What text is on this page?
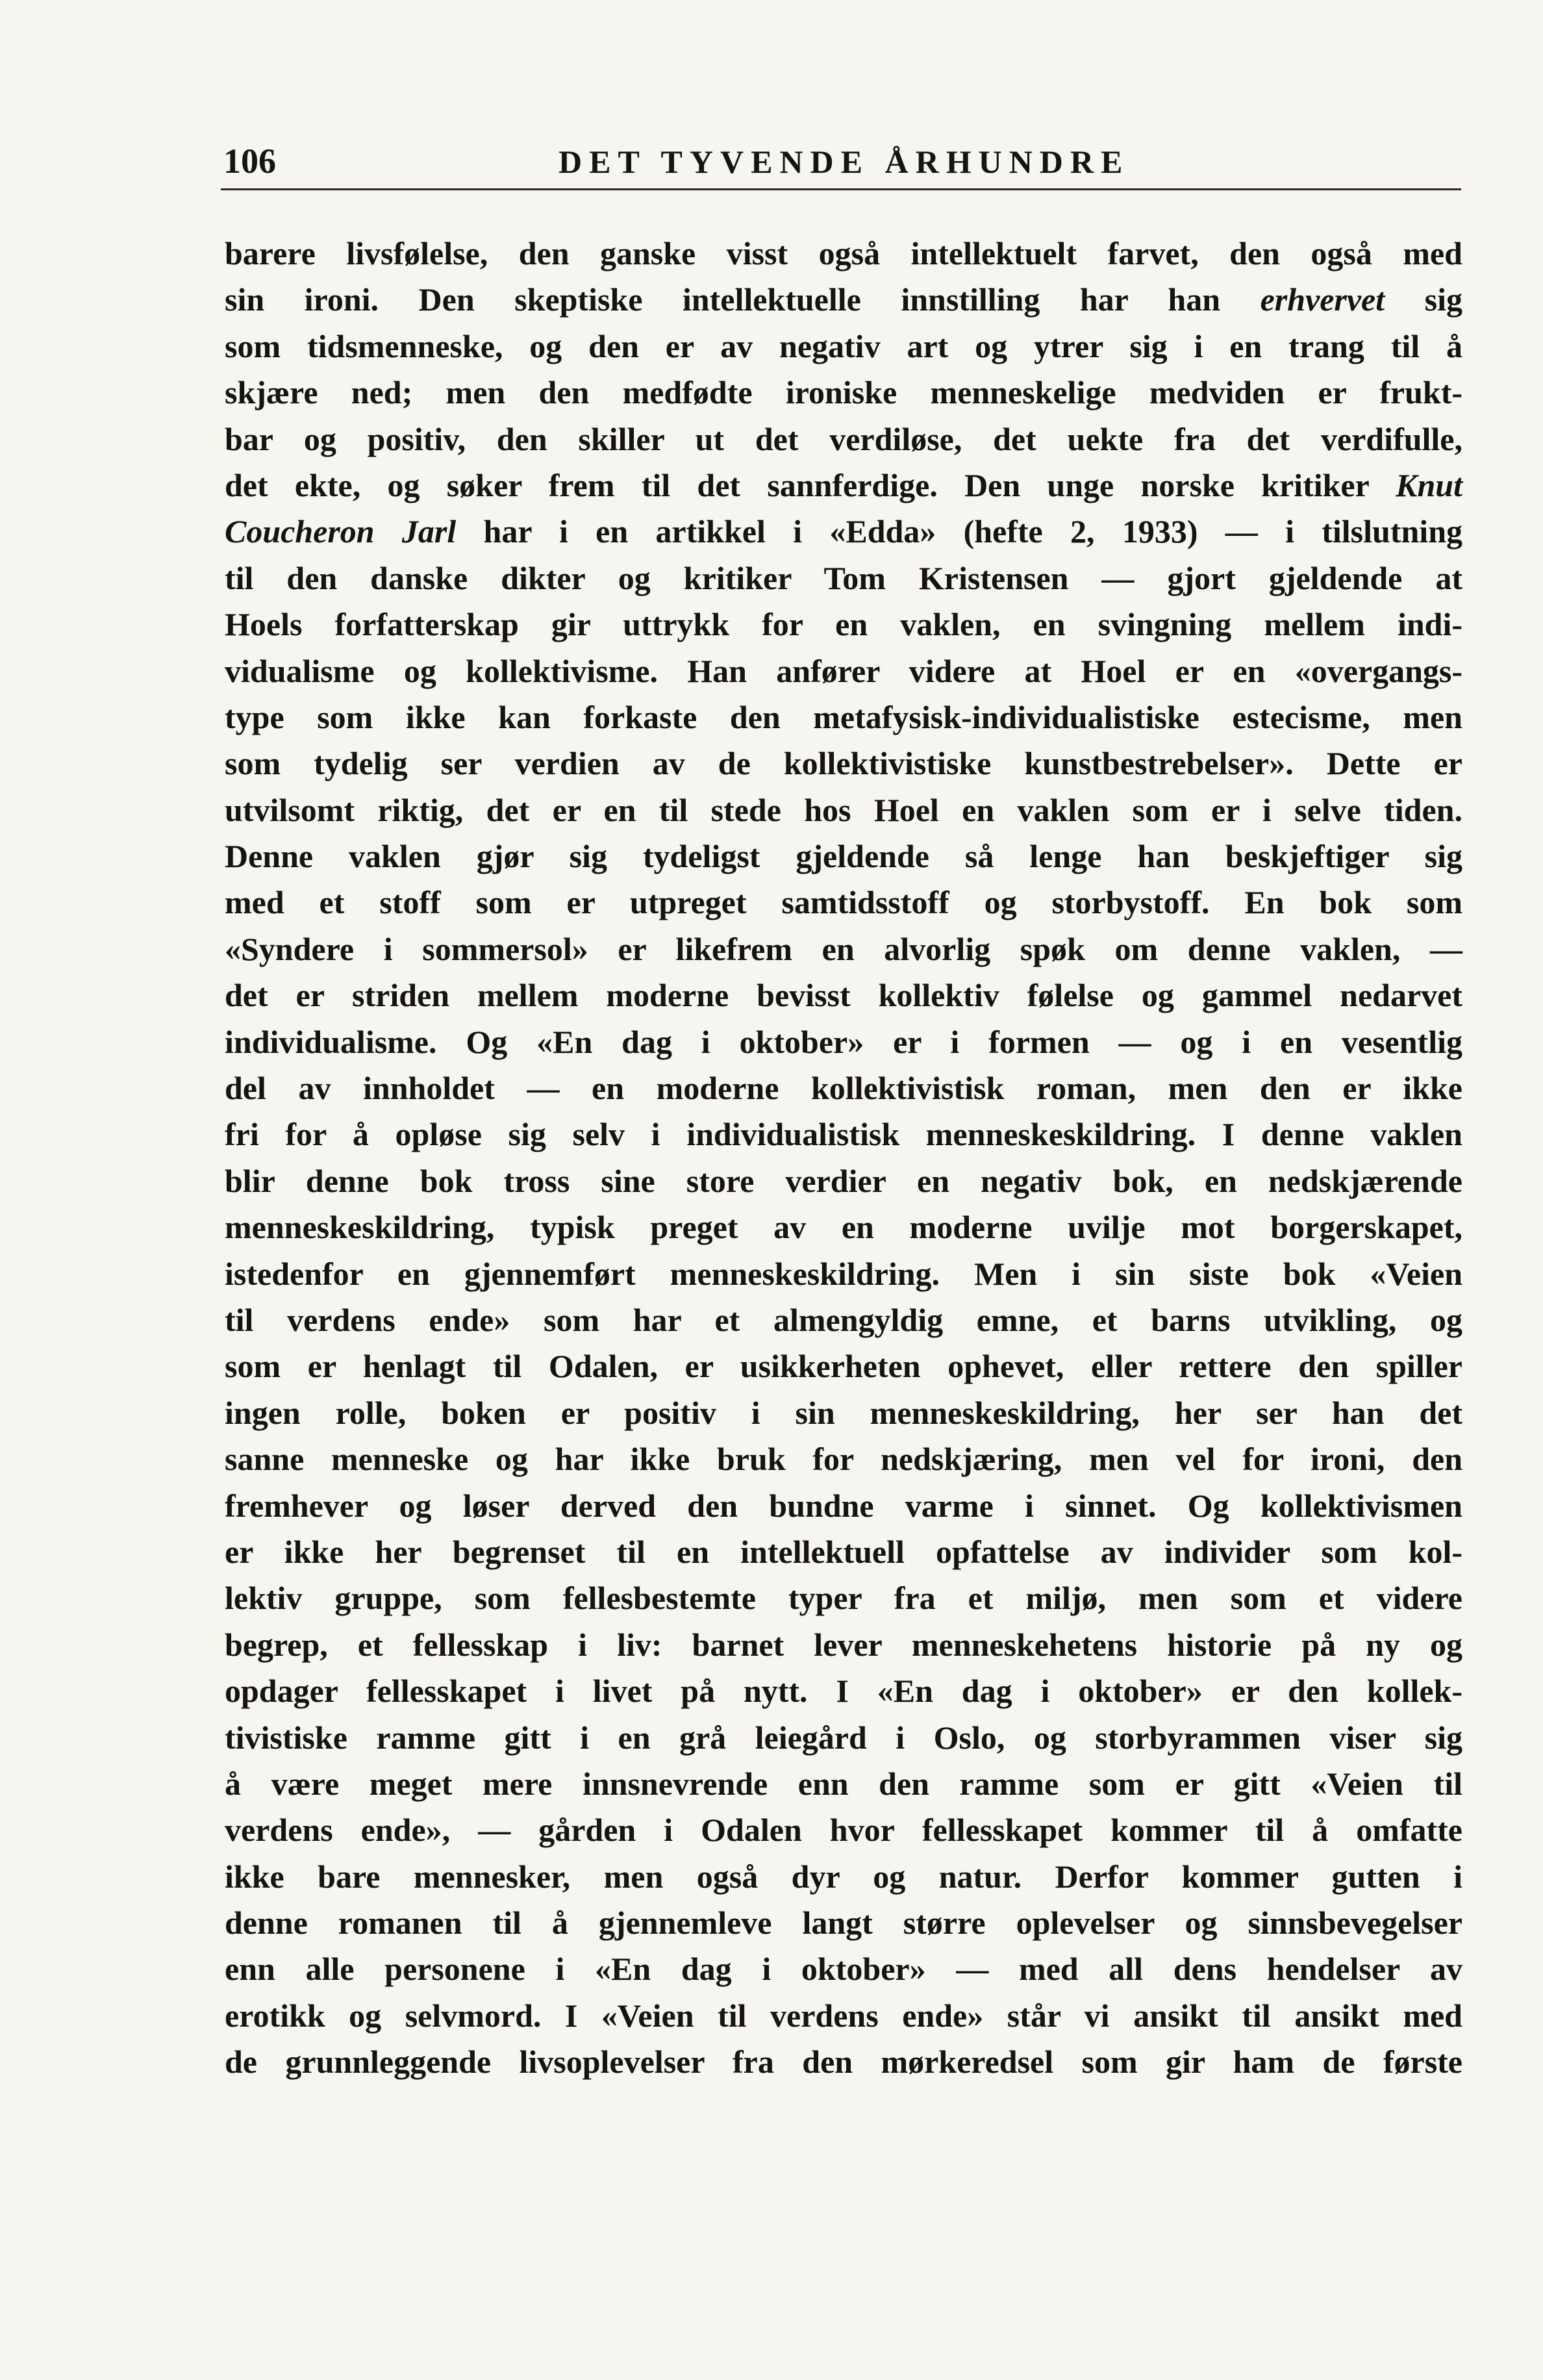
106	DET TYVENDE ÅRHUNDRE
barere livsfølelse, den ganske visst også intellektuelt farvet, den også med
sin ironi. Den skeptiske intellektuelle innstilling har han erhvervet sig
som tidsmenneske, og den er av negativ art og ytrer sig i en trang til å
skjære ned; men den medfødte ironiske menneskelige medviden er frukt-
bar og positiv, den skiller ut det verdiløse, det uekte fra det verdifulle,
det ekte, og søker frem til det sannferdige. Den unge norske kritiker Knut
Coucheron Jarl har i en artikkel i «Edda» (hefte 2, 1933) — i tilslutning
til den danske dikter og kritiker Tom Kristensen — gjort gjeldende at
Hoels forfatterskap gir uttrykk for en vaklen, en svingning mellem indi-
vidualisme og kollektivisme. Han anfører videre at Hoel er en «overgangs-
type som ikke kan forkaste den metafysisk-individualistiske estecisme, men
som tydelig ser verdien av de kollektivistiske kunstbestrebelser». Dette er
utvilsomt riktig, det er en til stede hos Hoel en vaklen som er i selve tiden.
Denne vaklen gjør sig tydeligst gjeldende så lenge han beskjeftiger sig
med et stoff som er utpreget samtidsstoff og storbystoff. En bok som
«Syndere i sommersol» er likefrem en alvorlig spøk om denne vaklen, —
det er striden mellem moderne bevisst kollektiv følelse og gammel nedarvet
individualisme. Og «En dag i oktober» er i formen — og i en vesentlig
del av innholdet — en moderne kollektivistisk roman, men den er ikke
fri for å opløse sig selv i individualistisk menneskeskildring. I denne vaklen
blir denne bok tross sine store verdier en negativ bok, en nedskjærende
menneskeskildring, typisk preget av en moderne uvilje mot borgerskapet,
istedenfor en gjennemført menneskeskildring. Men i sin siste bok «Veien
til verdens ende» som har et almengyldig emne, et barns utvikling, og
som er henlagt til Odalen, er usikkerheten ophevet, eller rettere den spiller
ingen rolle, boken er positiv i sin menneskeskildring, her ser han det
sanne menneske og har ikke bruk for nedskjæring, men vel for ironi, den
fremhever og løser derved den bundne varme i sinnet. Og kollektivismen
er ikke her begrenset til en intellektuell opfattelse av individer som kol-
lektiv gruppe, som fellesbestemte typer fra et miljø, men som et videre
begrep, et fellesskap i liv: barnet lever menneskehetens historie på ny og
opdager fellesskapet i livet på nytt. I «En dag i oktober» er den kollek-
tivistiske ramme gitt i en grå leiegård i Oslo, og storbyrammen viser sig
å være meget mere innsnevrende enn den ramme som er gitt «Veien til
verdens ende», — gården i Odalen hvor fellesskapet kommer til å omfatte
ikke bare mennesker, men også dyr og natur. Derfor kommer gutten i
denne romanen til å gjennemleve langt større oplevelser og sinnsbevegelser
enn alle personene i «En dag i oktober» — med all dens hendelser av
erotikk og selvmord. I «Veien til verdens ende» står vi ansikt til ansikt med
de grunnleggende livsoplevelser fra den mørkeredsel som gir ham de første
